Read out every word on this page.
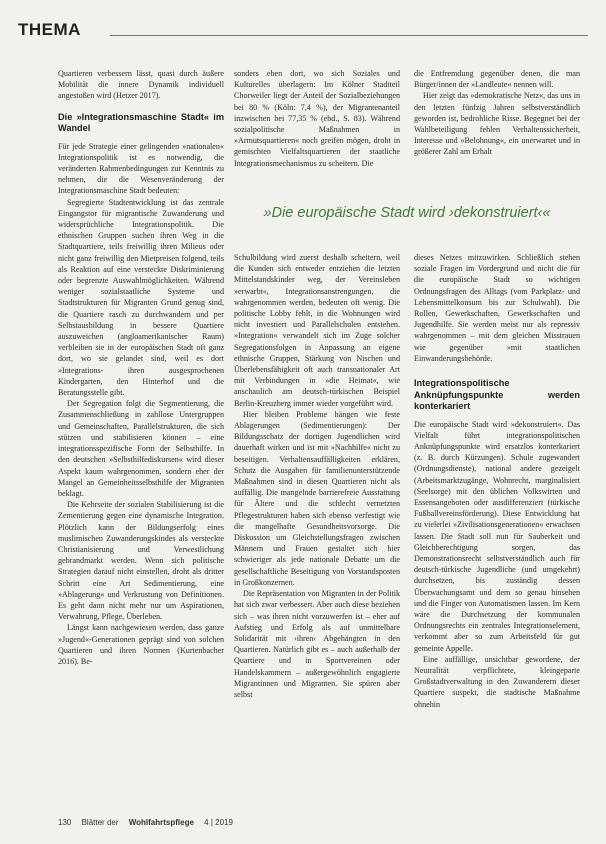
THEMA

Quartieren verbessern lässt, quasi durch äußere Mobilität die innere Dynamik individuell angestoßen wird (Hetzer 2017).

Die »Integrationsmaschine Stadt« im Wandel

Für jede Strategie einer gelingenden »nationalen« Integrationspolitik ist es notwendig, die veränderten Rahmenbedingungen zur Kenntnis zu nehmen, die die Wesenveränderung der Integrationsmaschine Stadt bedeuten:

Segregierte Stadtentwicklung ist das zentrale Eingangstor für migrantische Zuwanderung und widersprüchliche Integrationspolitik. Die ethnischen Gruppen suchen ihren Weg in die Stadtquartiere, teils freiwillig ihren Milieus oder nicht ganz freiwillig den Mietpreisen folgend, teils als Reaktion auf eine versteckte Diskriminierung oder begrenzte Auswahlmöglichkeiten. Während weniger sozialstaatliche Systeme und Stadtstrukturen für Migranten Grund genug sind, die Quartiere rasch zu durchwandern und per Selbstausbildung in bessere Quartiere auszuweichen (angloamerikanischer Raum) verbleiben sie in der europäischen Stadt oft ganz dort, wo sie gelandet sind, weil es dort »Integrations- ihren ausgesprochenen Kindergarten, den Hinterhof und die Beratungsstelle gibt.

Der Segregation folgt die Segmentierung, die Zusammenschließung in zahllose Untergruppen und Gemeinschaften, Parallelstrukturen, die sich stützen und stabilisieren können – eine integrationsspezifische Form der Selbsthilfe. In den deutschen »Selbsthilfediskursen« wird dieser Aspekt kaum wahrgenommen, sondern eher der Mangel an Gemeinheitsselbsthilfe der Migranten beklagt.

Die Kehrseite der sozialen Stabilisierung ist die Zementierung gegen eine dynamische Integration. Plötzlich kann der Bildungserfolg eines muslimischen Zuwanderungskindes als versteckte Christianisierung und Verwestlichung gebrandmarkt werden. Wenn sich politische Strategien darauf nicht einstellen, droht als dritter Schritt eine Art Sedimentierung, eine »Ablagerung« und Verkrustung von Definitionen. Es geht dann nicht mehr nur um Aspirationen, Verwahrung, Pflege, Überleben.

Längst kann nachgewiesen werden, dass ganze »Jugend«-Generationen geprägt sind von solchen Quartieren und ihren Normen (Kurtenbacher 2016). Be-

sonders eben dort, wo sich Soziales und Kulturelles überlagern: Im Kölner Stadtteil Chorweiler liegt der Anteil der Sozialbeziehungen bei 80 % (Köln: 7,4 %), der Migrantenanteil inzwischen bei 77,35 % (ebd., S. 83). Während sozialpolitische Maßnahmen in »Armutsquartieren« noch greifen mögen, droht in gemischten Vielfaltsquartieren der staatliche Integrationsmechanismus zu scheitern. Die

die Entfremdung gegenüber denen, die man Bürger/innen der »Landleute« nennen will.

Hier zeigt das »demokratische Netz«, das uns in den letzten fünfzig Jahren selbstverständlich geworden ist, bedrohliche Risse. Begegnet bei der Wahlbeteiligung fehlen Verhaltenssicherheit, Interesse und »Belohnung«, ein unerwartet und in größerer Zahl am Erhalt

»Die europäische Stadt wird ›dekonstruiert‹«

Schulbildung wird zuerst deshalb scheitern, weil die Kunden sich entweder entziehen die letzten Mittelstandskinder weg, der Vereinsleben »erwarbt«, Integrationsanstrengungen, die wahrgenommen werden, bedeuten oft wenig. Die politische Lobby fehlt, in die Wohnungen wird nicht investiert und Parallelschulen entstehen. »Integration« verwandelt sich im Zuge solcher Segregationsfolgen in Anpassung an eigene ethnische Gruppen, Stärkung von Nischen und Überlebensfähigkeit oft auch transnationaler Art mit Verbindungen in »die Heimat«, wie anschaulich am deutsch-türkischen Beispiel Berlin-Kreuzberg immer wieder vorgeführt wird.

Hier bleiben Probleme hängen wie feste Ablagerungen (Sedimentierungen): Der Bildungsschatz der dortigen Jugendlichen wird dauerhaft wirken und ist mit »Nachhilfe« nicht zu beseitigen. Verhaltensauffälligkeiten erklären, Schutz die Ausgaben für familienunterstützende Maßnahmen sind in diesen Quartieren nicht als auffällig. Die mangelnde barrierefreie Ausstattung für Ältere und die schlecht vernetzten Pflegestrukturen haben sich ebenso verfestigt wie die mangelhafte Gesundheitsvorsorge. Die Diskussion um Gleichstellungsfragen zwischen Männern und Frauen gestaltet sich hier schwieriger als jede nationale Debatte um die gesellschaftliche Beseitigung von Vorstandsposten in Großkonzernen.

Die Repräsentation von Migranten in der Politik hat sich zwar verbessert. Aber auch diese beziehen sich – was ihren nicht vorzuwerfen ist – eher auf Aufstieg und Erfolg als auf unmittelbare Solidarität mit ›ihren‹ Abgehängten in den Quartieren. Natürlich gibt es – auch außerhalb der Quartiere und in Sportvereinen oder Handelskammern – außergewöhnlich engagierte Migrantinnen und Migranten. Sie spüren aber selbst

dieses Netzes mitzuwirken. Schließlich stehen soziale Fragen im Vordergrund und nicht die für die europäische Stadt so wichtigen Ordnungsfragen des Alltags (vom Parkplatz- und Lebensmittelkonsum bis zur Schulwahl). Die Rollen, Gewerkschaften, Gewerkschaften und Jugendhilfe. Sie werden meist nur als repressiv wahrgenommen – mit dem gleichen Misstrauen wie gegenüber »mit staatlichen Einwanderungsbehörde.

Integrationspolitische Anknüpfungspunkte werden konterkariert

Die europäische Stadt wird »dekonstruiert«. Das Vielfalt führt integrationspolitischen Anknüpfungspunkte wird ersatzlos konterkariert (z. B. durch Kürzungen). Schule zugewandert (Ordnungsdienste), national andere gezeigelt (Arbeitsmarktzugänge, Wohnrecht, marginalisiert (Seelsorge) mit den üblichen Volkswirten und Essensangeboten oder ausdifferenziert (türkische Fußballvereinsförderung). Diese Entwicklung hat zu vielerlei »Zivilisationsgenerationen« erwachsen lassen. Die Stadt soll nun für Sauberkeit und Gleichberechtigung sorgen, das Demonstrationsrecht selbstverständlich auch für deutsch-türkische Jugendliche (und umgekehrt) durchsetzen, bis zuständig dessen Überwachungsamt und dem so genau hinsehen und die Finger von Automatismen lassen. Im Kern wäre die Durchsetzung der kommunalen Ordnungsrechts ein zentrales Integrationselement, verkommt aber so zum Arbeitsfeld für gut gemeinte Appelle.

Eine auffällige, unsichtbar gewordene, der Neutralität verpflichtete, kleingeparte Großstadtverwaltung in den Zuwanderern dieser Quartiere suspekt, die stadtische Maßnahme ohnehin

130 Blätter der Wohlfahrtspflege 4 | 2019
